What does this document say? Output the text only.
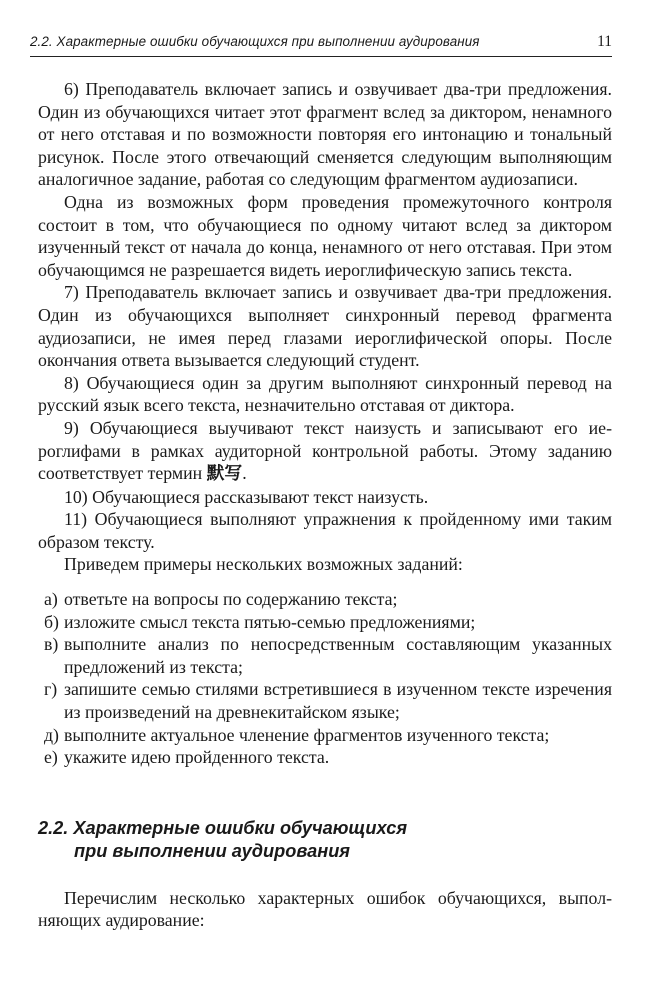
2.2. Характерные ошибки обучающихся при выполнении аудирования	11

6) Преподаватель включает запись и озвучивает два-три предложения. Один из обучающихся читает этот фрагмент вслед за диктором, ненамного от него отставая и по возможности повторяя его интонацию и тональный рисунок. После этого отвечающий сменяется следующим выполняющим аналогичное задание, работая со следующим фрагментом аудиозаписи.

Одна из возможных форм проведения промежуточного контроля состоит в том, что обучающиеся по одному читают вслед за диктором изученный текст от начала до конца, ненамного от него отставая. При этом обучающимся не разрешается видеть иероглифическую запись текста.

7) Преподаватель включает запись и озвучивает два-три предложения. Один из обучающихся выполняет синхронный перевод фрагмента аудиозаписи, не имея перед глазами иероглифической опоры. После окончания ответа вызывается следующий студент.

8) Обучающиеся один за другим выполняют синхронный перевод на русский язык всего текста, незначительно отставая от диктора.

9) Обучающиеся выучивают текст наизусть и записывают его иероглифами в рамках аудиторной контрольной работы. Этому заданию соответствует термин 默写.

10) Обучающиеся рассказывают текст наизусть.

11) Обучающиеся выполняют упражнения к пройденному ими таким образом тексту.

Приведем примеры нескольких возможных заданий:

а) ответьте на вопросы по содержанию текста;
б) изложите смысл текста пятью-семью предложениями;
в) выполните анализ по непосредственным составляющим указанных предложений из текста;
г) запишите семью стилями встретившиеся в изученном тексте изречения из произведений на древнекитайском языке;
д) выполните актуальное членение фрагментов изученного текста;
е) укажите идею пройденного текста.
2.2. Характерные ошибки обучающихся
при выполнении аудирования

Перечислим несколько характерных ошибок обучающихся, выполняющих аудирование:
